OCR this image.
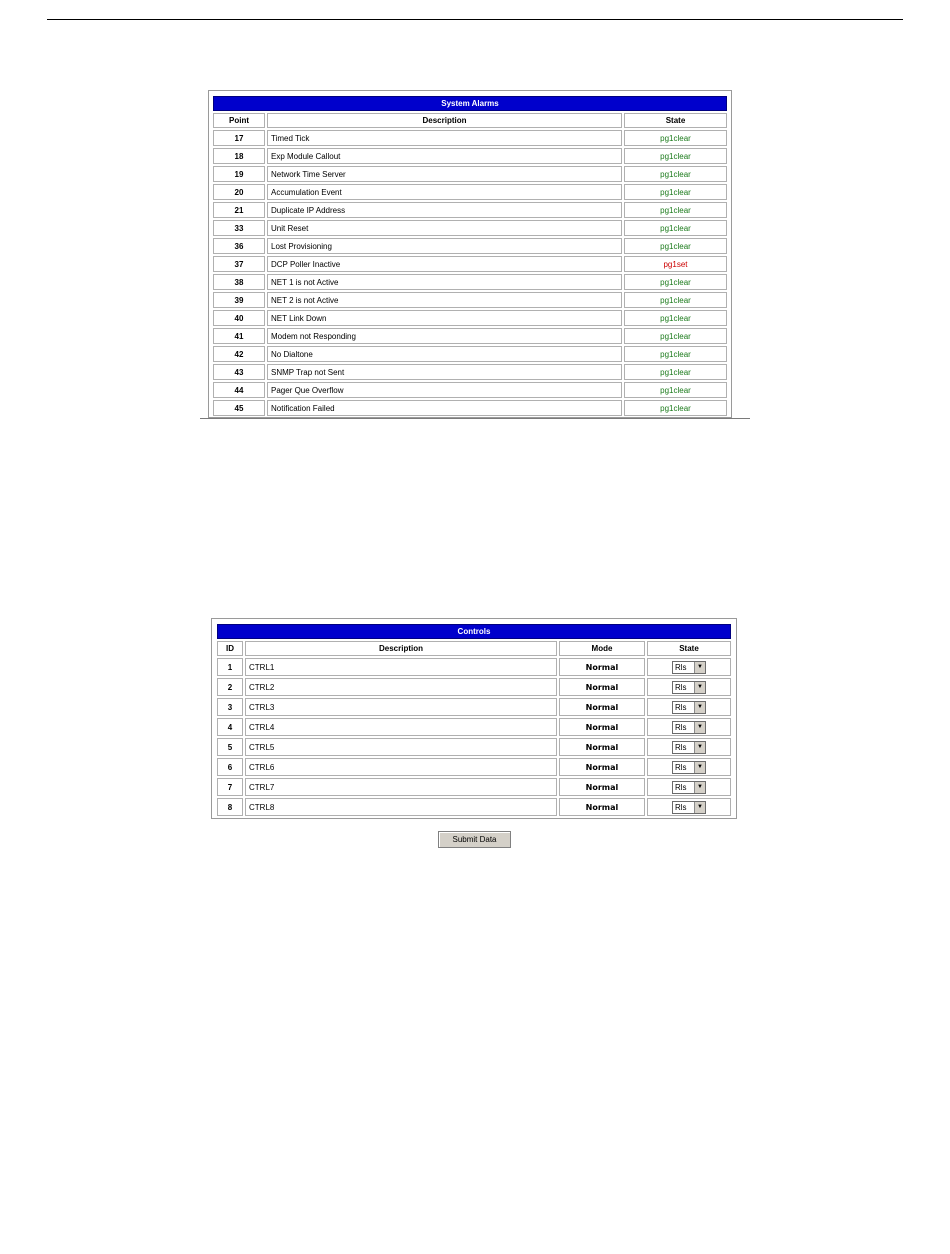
System Alarms		
Point	Description	State
17	Timed Tick	pg1clear
18	Exp Module Callout	pg1clear
19	Network Time Server	pg1clear
20	Accumulation Event	pg1clear
21	Duplicate IP Address	pg1clear
33	Unit Reset	pg1clear
36	Lost Provisioning	pg1clear
37	DCP Poller Inactive	pg1set
38	NET 1 is not Active	pg1clear
39	NET 2 is not Active	pg1clear
40	NET Link Down	pg1clear
41	Modem not Responding	pg1clear
42	No Dialtone	pg1clear
43	SNMP Trap not Sent	pg1clear
44	Pager Que Overflow	pg1clear
45	Notification Failed	pg1clear
Controls			
ID	Description	Mode	State
1	CTRL1	Normal	Rls ▼

2	CTRL2	Normal	Rls ▼

3	CTRL3	Normal	Rls ▼

4	CTRL4	Normal	Rls ▼

5	CTRL5	Normal	Rls ▼

6	CTRL6	Normal	Rls ▼

7	CTRL7	Normal	Rls ▼

8	CTRL8	Normal	Rls ▼
Submit Data
